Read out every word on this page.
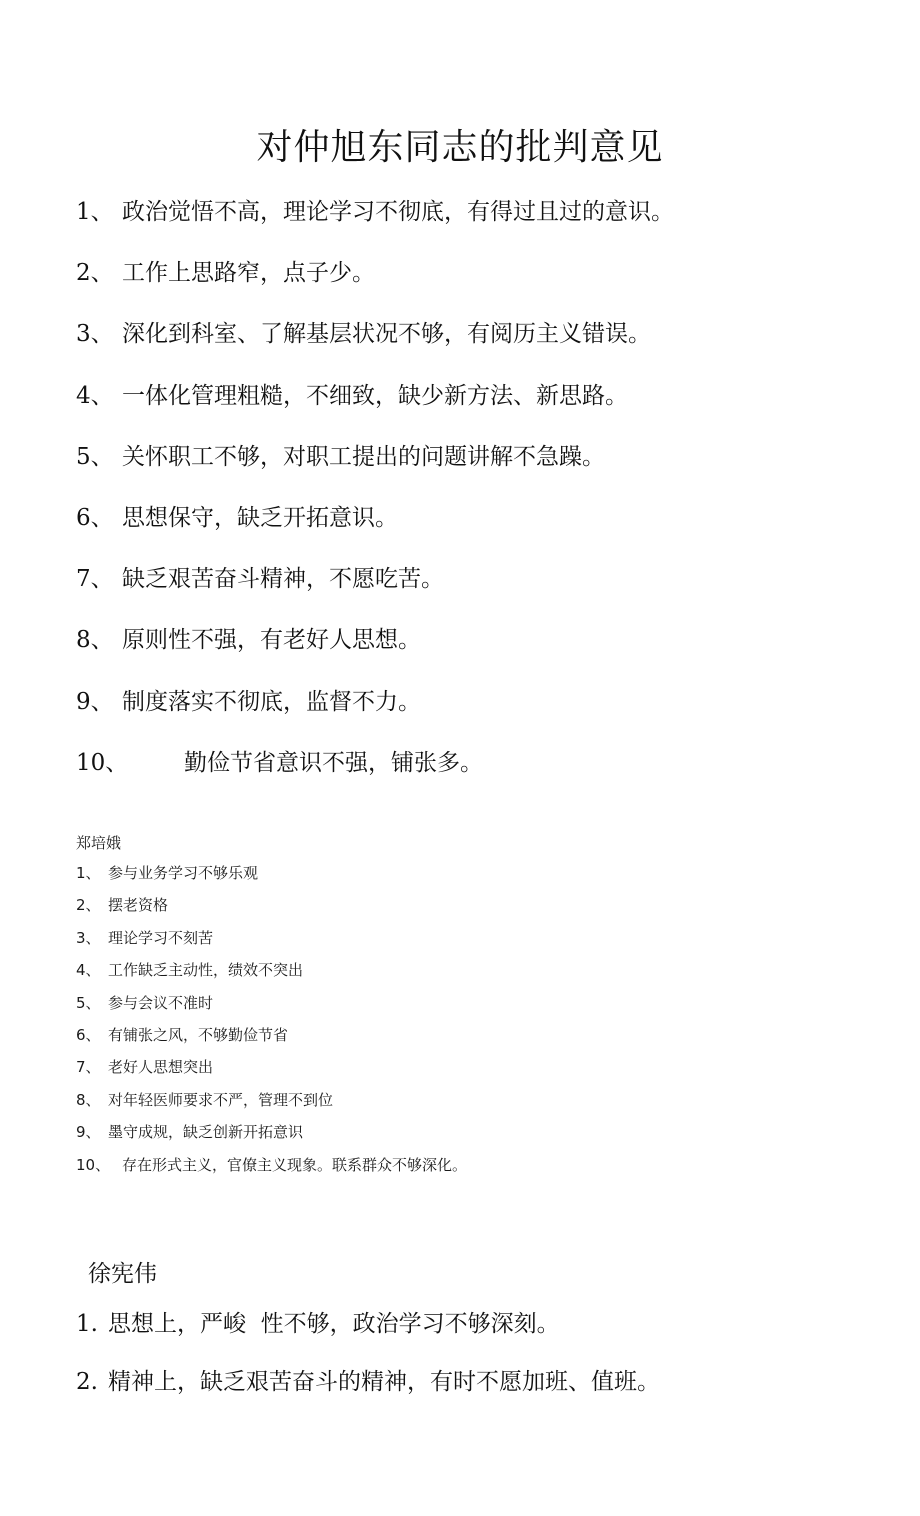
对仲旭东同志的批判意见
1、 政治觉悟不高，理论学习不彻底，有得过且过的意识。
2、 工作上思路窄，点子少。
3、 深化到科室、了解基层状况不够，有阅历主义错误。
4、 一体化管理粗糙，不细致，缺少新方法、新思路。
5、 关怀职工不够，对职工提出的问题讲解不急躁。
6、 思想保守，缺乏开拓意识。
7、 缺乏艰苦奋斗精神，不愿吃苦。
8、 原则性不强，有老好人思想。
9、 制度落实不彻底，监督不力。
10、 勤俭节省意识不强，铺张多。
郑培娥
1、 参与业务学习不够乐观
2、 摆老资格
3、 理论学习不刻苦
4、 工作缺乏主动性，绩效不突出
5、 参与会议不准时
6、 有铺张之风，不够勤俭节省
7、 老好人思想突出
8、 对年轻医师要求不严，管理不到位
9、 墨守成规，缺乏创新开拓意识
10、 存在形式主义，官僚主义现象。联系群众不够深化。
徐宪伟
1. 思想上，严峻  性不够，政治学习不够深刻。
2. 精神上，缺乏艰苦奋斗的精神，有时不愿加班、值班。
